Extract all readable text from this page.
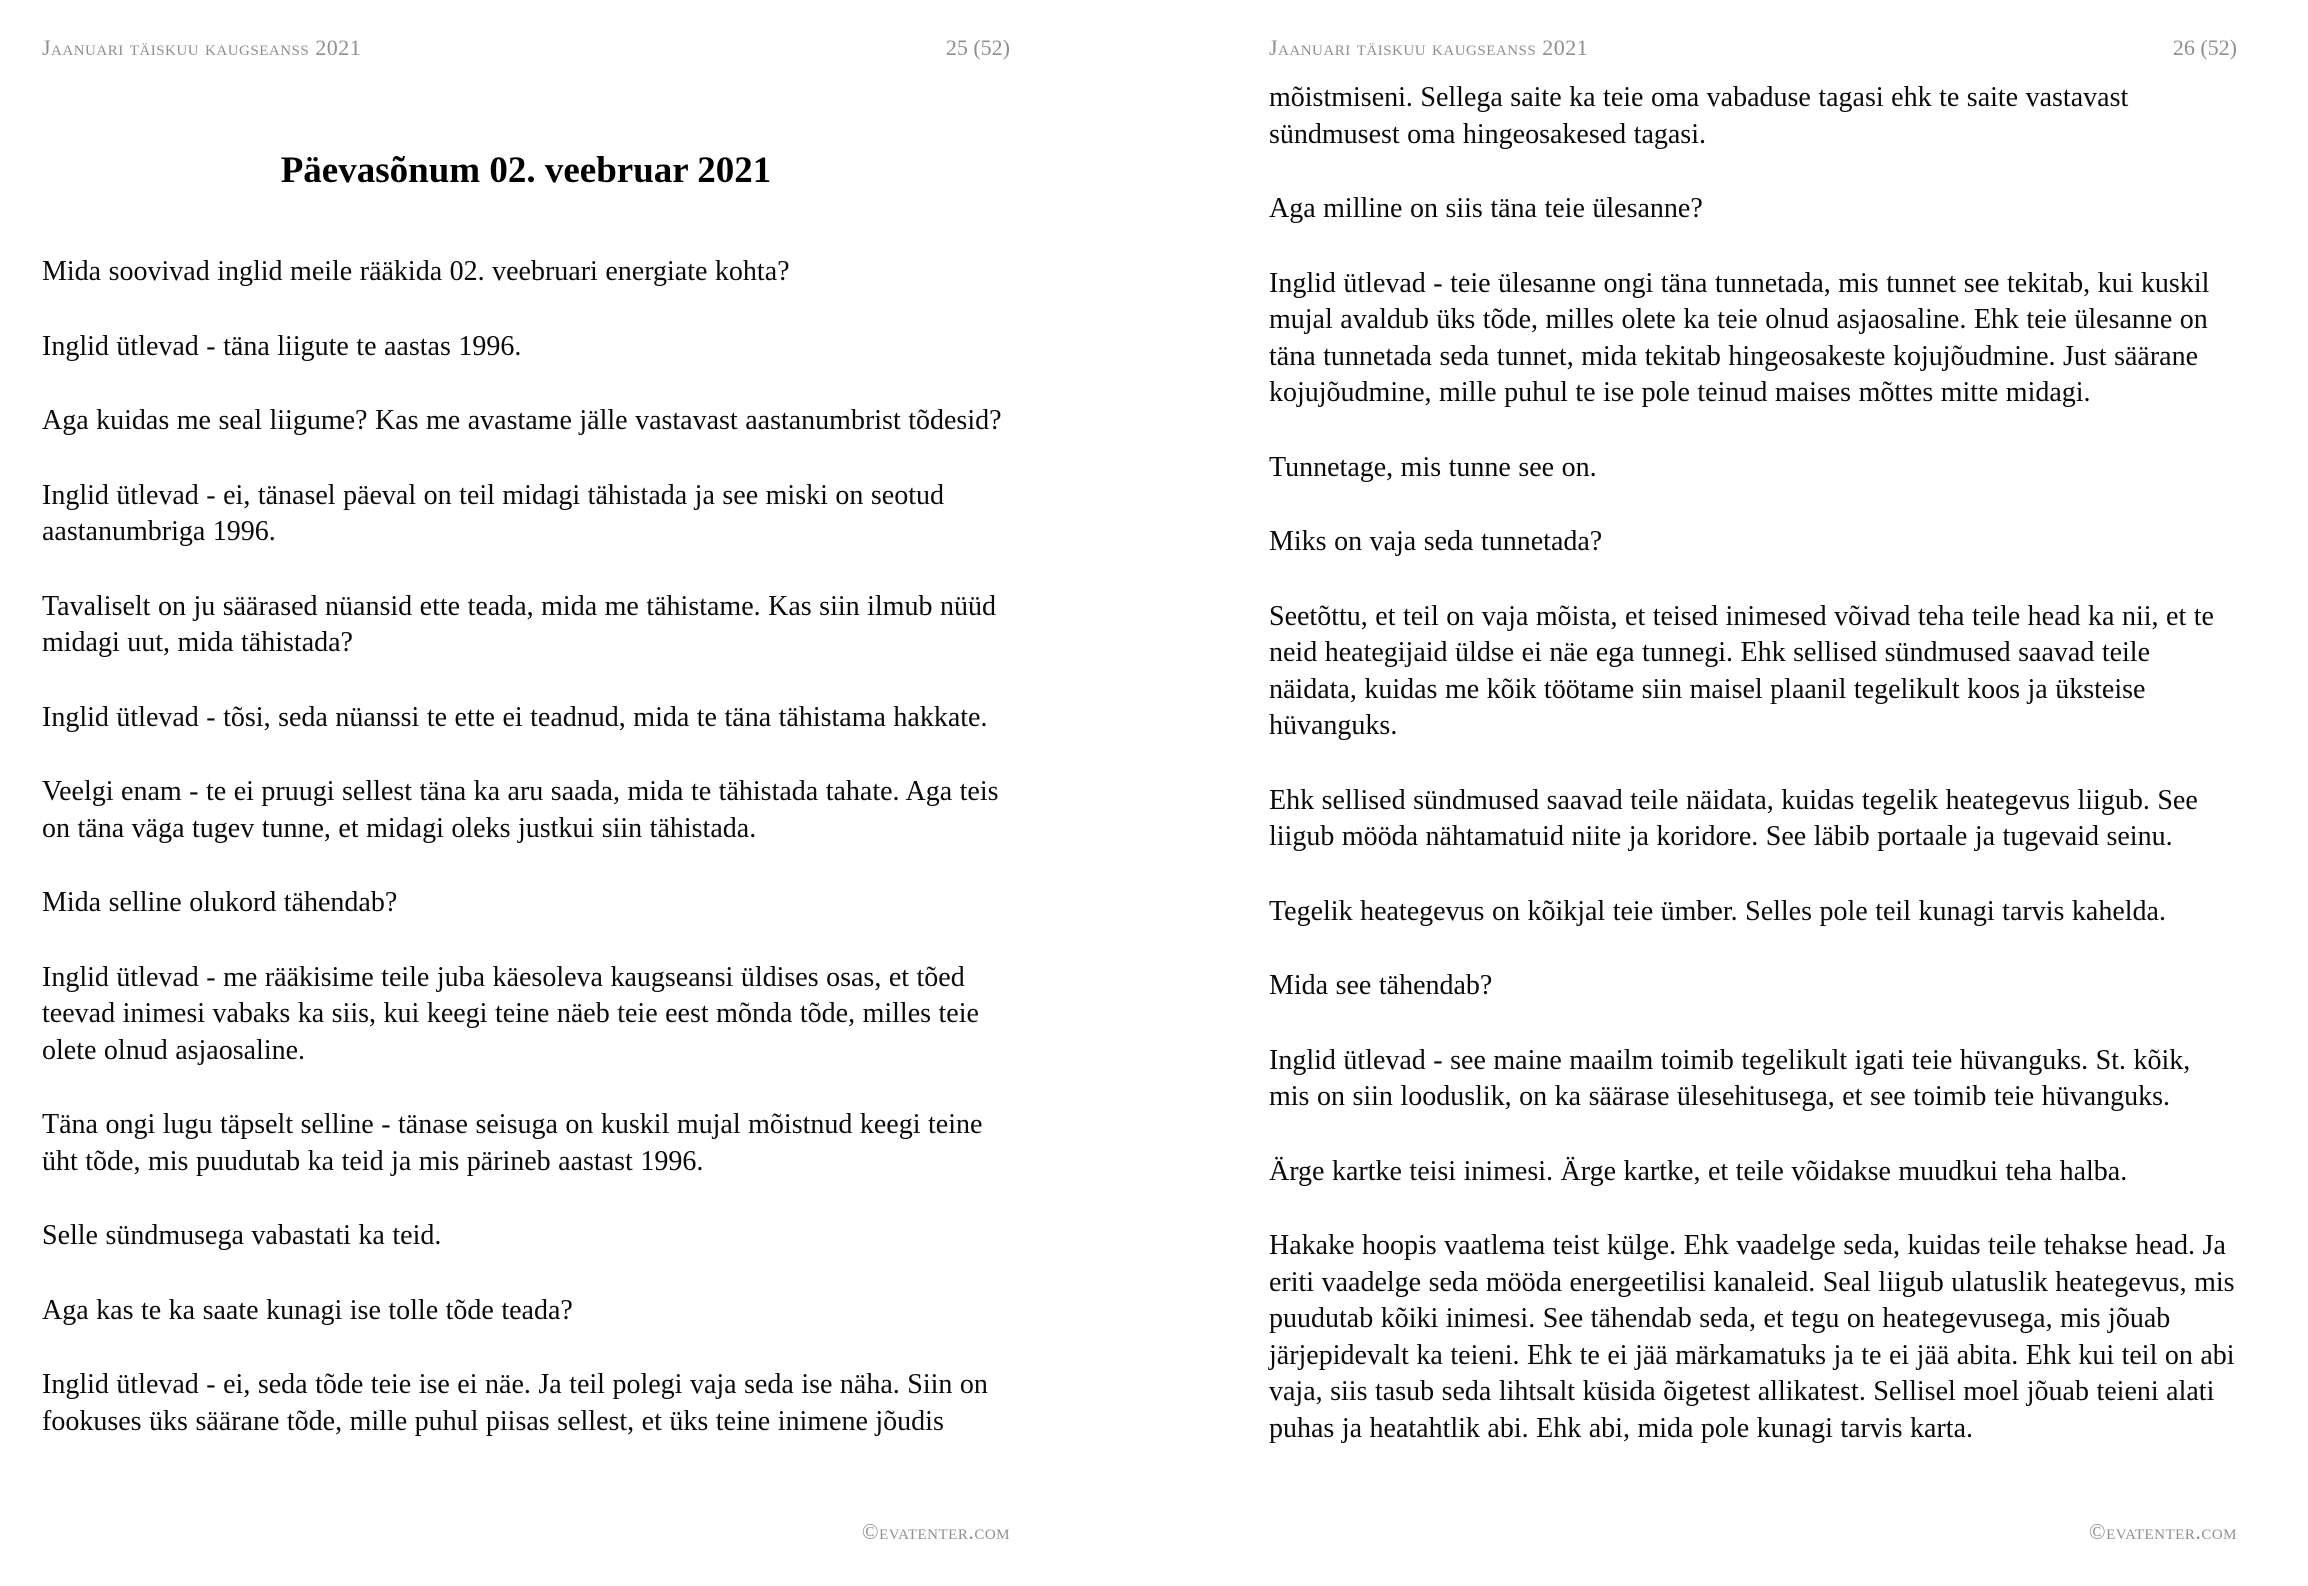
Jaanuari täiskuu kaugseanss 2021	25 (52)
Päevasõnum 02. veebruar 2021

Mida soovivad inglid meile rääkida 02. veebruari energiate kohta?

Inglid ütlevad - täna liigute te aastas 1996.

Aga kuidas me seal liigume? Kas me avastame jälle vastavast aastanumbrist tõdesid?

Inglid ütlevad - ei, tänasel päeval on teil midagi tähistada ja see miski on seotud aastanumbriga 1996.

Tavaliselt on ju säärased nüansid ette teada, mida me tähistame. Kas siin ilmub nüüd midagi uut, mida tähistada?

Inglid ütlevad - tõsi, seda nüanssi te ette ei teadnud, mida te täna tähistama hakkate.

Veelgi enam - te ei pruugi sellest täna ka aru saada, mida te tähistada tahate. Aga teis on täna väga tugev tunne, et midagi oleks justkui siin tähistada.

Mida selline olukord tähendab?

Inglid ütlevad - me rääkisime teile juba käesoleva kaugseansi üldises osas, et tõed teevad inimesi vabaks ka siis, kui keegi teine näeb teie eest mõnda tõde, milles teie olete olnud asjaosaline.

Täna ongi lugu täpselt selline - tänase seisuga on kuskil mujal mõistnud keegi teine üht tõde, mis puudutab ka teid ja mis pärineb aastast 1996.

Selle sündmusega vabastati ka teid.

Aga kas te ka saate kunagi ise tolle tõde teada?

Inglid ütlevad - ei, seda tõde teie ise ei näe. Ja teil polegi vaja seda ise näha. Siin on fookuses üks säärane tõde, mille puhul piisas sellest, et üks teine inimene jõudis

©evatenter.com
Jaanuari täiskuu kaugseanss 2021	26 (52)

mõistmiseni. Sellega saite ka teie oma vabaduse tagasi ehk te saite vastavast sündmusest oma hingeosakesed tagasi.

Aga milline on siis täna teie ülesanne?

Inglid ütlevad - teie ülesanne ongi täna tunnetada, mis tunnet see tekitab, kui kuskil mujal avaldub üks tõde, milles olete ka teie olnud asjaosaline. Ehk teie ülesanne on täna tunnetada seda tunnet, mida tekitab hingeosakeste kojujõudmine. Just säärane kojujõudmine, mille puhul te ise pole teinud maises mõttes mitte midagi.

Tunnetage, mis tunne see on.

Miks on vaja seda tunnetada?

Seetõttu, et teil on vaja mõista, et teised inimesed võivad teha teile head ka nii, et te neid heategijaid üldse ei näe ega tunnegi. Ehk sellised sündmused saavad teile näidata, kuidas me kõik töötame siin maisel plaanil tegelikult koos ja üksteise hüvanguks.

Ehk sellised sündmused saavad teile näidata, kuidas tegelik heategevus liigub. See liigub mööda nähtamatuid niite ja koridore. See läbib portaale ja tugevaid seinu.

Tegelik heategevus on kõikjal teie ümber. Selles pole teil kunagi tarvis kahelda.

Mida see tähendab?

Inglid ütlevad - see maine maailm toimib tegelikult igati teie hüvanguks. St. kõik, mis on siin looduslik, on ka säärase ülesehitusega, et see toimib teie hüvanguks.

Ärge kartke teisi inimesi. Ärge kartke, et teile võidakse muudkui teha halba.

Hakake hoopis vaatlema teist külge. Ehk vaadelge seda, kuidas teile tehakse head. Ja eriti vaadelge seda mööda energeetilisi kanaleid. Seal liigub ulatuslik heategevus, mis puudutab kõiki inimesi. See tähendab seda, et tegu on heategevusega, mis jõuab järjepidevalt ka teieni. Ehk te ei jää märkamatuks ja te ei jää abita. Ehk kui teil on abi vaja, siis tasub seda lihtsalt küsida õigetest allikatest. Sellisel moel jõuab teieni alati puhas ja heatahtlik abi. Ehk abi, mida pole kunagi tarvis karta.

©evatenter.com
